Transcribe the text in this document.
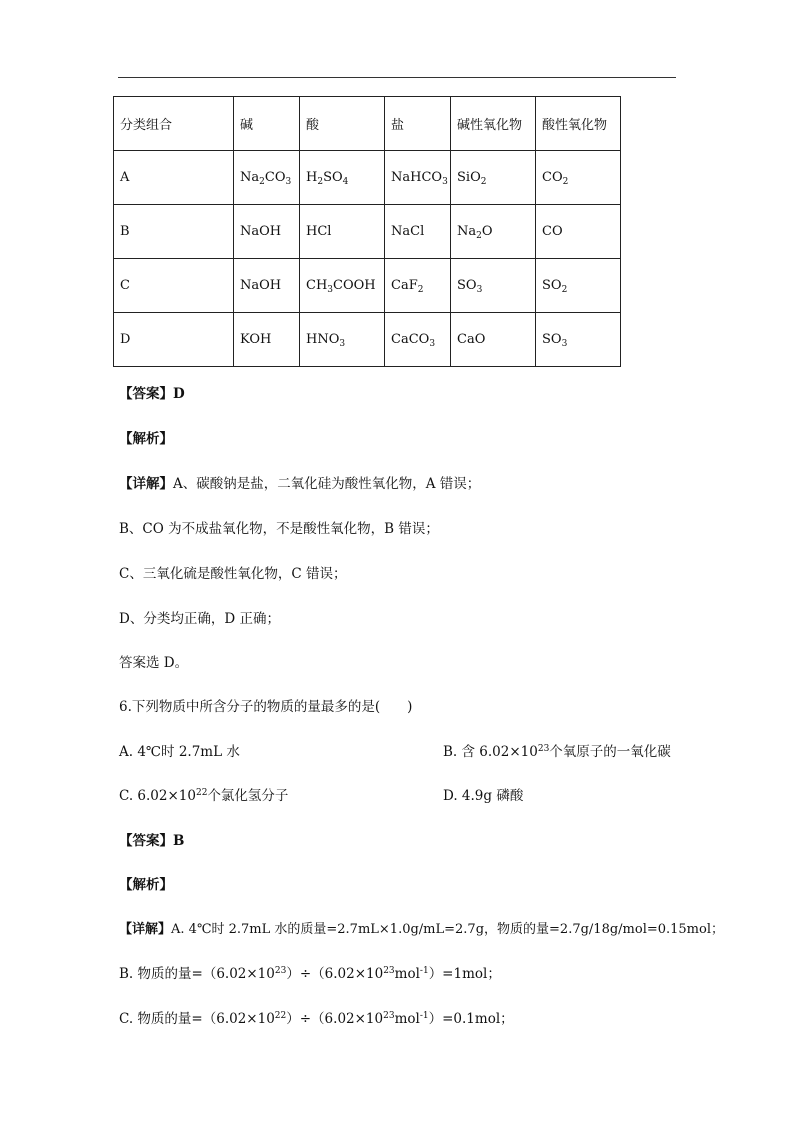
分类组合	碱	酸	盐	碱性氧化物	酸性氧化物
A	$Na_2CO_3$	$H_2SO_4$	NaHCO$_3$	SiO$_2$	$CO_2$
B	NaOH	HCl	NaCl	$Na_2O$	CO
C	NaOH	$CH_3COOH$	CaF$_2$	$SO_3$	$SO_2$
D	KOH	$HNO_3$	CaCO$_3$	CaO	$SO_3$
【答案】D
【解析】
【详解】A、碳酸钠是盐，二氧化硅为酸性氧化物，A 错误；
B、CO 为不成盐氧化物，不是酸性氧化物，B 错误；
C、三氧化硫是酸性氧化物，C 错误；
D、分类均正确，D 正确；
答案选 D。
6.下列物质中所含分子的物质的量最多的是(　　)
A. 4℃时 2.7mL 水	B. 含 $6.02\times 10^{23}$个氧原子的一氧化碳
C. $6.02\times 10^{22}$个氯化氢分子	D. 4.9g 磷酸
【答案】B
【解析】
【详解】A. 4℃时 2.7mL 水的质量=2.7mL×1.0g/mL=2.7g，物质的量=2.7g/18g/mol=0.15mol；
B. 物质的量$=(6.02\times 10^{23})\div(6.02\times 10^{23}mol^{-1})=1mol$；
C. 物质的量$=(6.02\times 10^{22})\div(6.02\times 10^{23}mol^{-1})=0.1mol$；
